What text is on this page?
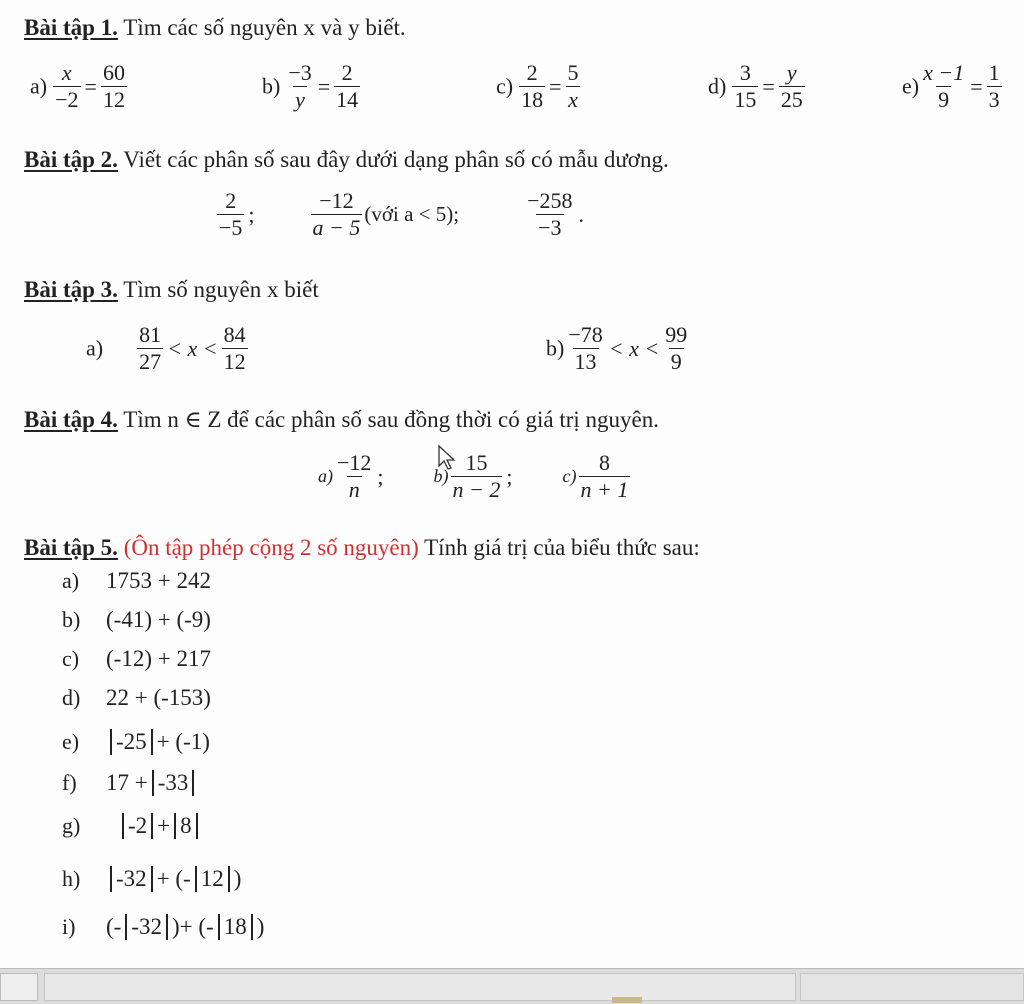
Bài tập 1. Tìm các số nguyên x và y biết.
$a) \frac{x}{-2} = \frac{60}{12}$	$b) \frac{-3}{y} = \frac{2}{14}$	$c) \frac{2}{18} = \frac{5}{x}$	$d) \frac{3}{15} = \frac{y}{25}$	$e) \frac{x -1}{9} = \frac{1}{3}$
Bài tập 2. Viết các phân số sau đây dưới dạng phân số có mẫu dương.
$\frac{2}{-5}$ ;	$\frac{-12}{a - 5}$ (với a < 5);	$\frac{-258}{-3}$ .
Bài tập 3. Tìm số nguyên x biết
$a) \frac{81}{27} < x < \frac{84}{12}$	$b) \frac{-78}{13} < x < \frac{99}{9}$
Bài tập 4. Tìm n ∈ Z để các phân số sau đồng thời có giá trị nguyên.
$a) \frac{-12}{n}$ ;	$b) \frac{15}{n - 2}$ ;	$c) \frac{8}{n + 1}$
Bài tập 5. (Ôn tập phép cộng 2 số nguyên) Tính giá trị của biểu thức sau:
a) 1753 + 242
b) (-41) + (-9)
c) (-12) + 217
d) 22 + (-153)
e) -25 + (-1)
f) 17 + -33
g) -2 + 8
h) -32 + (- 12 )
i) (- -32 )+ (- 18 )
